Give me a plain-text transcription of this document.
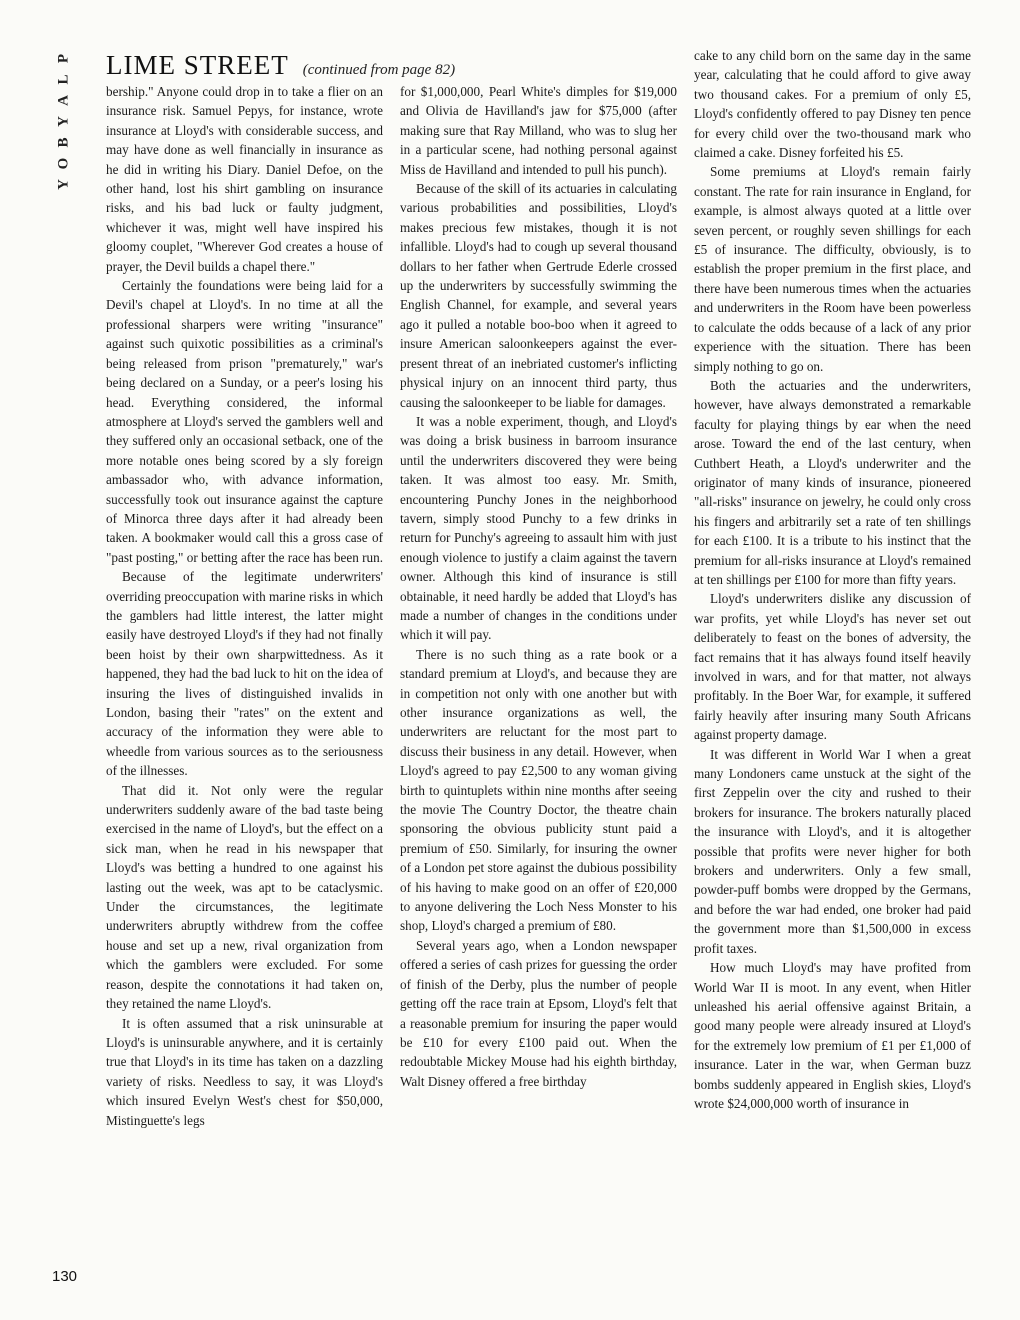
P
L
A
Y
B
O
Y
LIME STREET (continued from page 82)

bership." Anyone could drop in to take a flier on an insurance risk. Samuel Pepys, for instance, wrote insurance at Lloyd's with considerable success, and may have done as well financially in insurance as he did in writing his Diary. Daniel Defoe, on the other hand, lost his shirt gambling on insurance risks, and his bad luck or faulty judgment, whichever it was, might well have inspired his gloomy couplet, "Wherever God creates a house of prayer, the Devil builds a chapel there."

Certainly the foundations were being laid for a Devil's chapel at Lloyd's. In no time at all the professional sharpers were writing "insurance" against such quixotic possibilities as a criminal's being released from prison "prematurely," war's being declared on a Sunday, or a peer's losing his head. Everything considered, the informal atmosphere at Lloyd's served the gamblers well and they suffered only an occasional setback, one of the more notable ones being scored by a sly foreign ambassador who, with advance information, successfully took out insurance against the capture of Minorca three days after it had already been taken. A bookmaker would call this a gross case of "past posting," or betting after the race has been run.

Because of the legitimate underwriters' overriding preoccupation with marine risks in which the gamblers had little interest, the latter might easily have destroyed Lloyd's if they had not finally been hoist by their own sharpwittedness. As it happened, they had the bad luck to hit on the idea of insuring the lives of distinguished invalids in London, basing their "rates" on the extent and accuracy of the information they were able to wheedle from various sources as to the seriousness of the illnesses.

That did it. Not only were the regular underwriters suddenly aware of the bad taste being exercised in the name of Lloyd's, but the effect on a sick man, when he read in his newspaper that Lloyd's was betting a hundred to one against his lasting out the week, was apt to be cataclysmic. Under the circumstances, the legitimate underwriters abruptly withdrew from the coffee house and set up a new, rival organization from which the gamblers were excluded. For some reason, despite the connotations it had taken on, they retained the name Lloyd's.

It is often assumed that a risk uninsurable at Lloyd's is uninsurable anywhere, and it is certainly true that Lloyd's in its time has taken on a dazzling variety of risks. Needless to say, it was Lloyd's which insured Evelyn West's chest for $50,000, Mistinguette's legs

for $1,000,000, Pearl White's dimples for $19,000 and Olivia de Havilland's jaw for $75,000 (after making sure that Ray Milland, who was to slug her in a particular scene, had nothing personal against Miss de Havilland and intended to pull his punch).

Because of the skill of its actuaries in calculating various probabilities and possibilities, Lloyd's makes precious few mistakes, though it is not infallible. Lloyd's had to cough up several thousand dollars to her father when Gertrude Ederle crossed up the underwriters by successfully swimming the English Channel, for example, and several years ago it pulled a notable boo-boo when it agreed to insure American saloonkeepers against the ever-present threat of an inebriated customer's inflicting physical injury on an innocent third party, thus causing the saloonkeeper to be liable for damages.

It was a noble experiment, though, and Lloyd's was doing a brisk business in barroom insurance until the underwriters discovered they were being taken. It was almost too easy. Mr. Smith, encountering Punchy Jones in the neighborhood tavern, simply stood Punchy to a few drinks in return for Punchy's agreeing to assault him with just enough violence to justify a claim against the tavern owner. Although this kind of insurance is still obtainable, it need hardly be added that Lloyd's has made a number of changes in the conditions under which it will pay.

There is no such thing as a rate book or a standard premium at Lloyd's, and because they are in competition not only with one another but with other insurance organizations as well, the underwriters are reluctant for the most part to discuss their business in any detail. However, when Lloyd's agreed to pay £2,500 to any woman giving birth to quintuplets within nine months after seeing the movie The Country Doctor, the theatre chain sponsoring the obvious publicity stunt paid a premium of £50. Similarly, for insuring the owner of a London pet store against the dubious possibility of his having to make good on an offer of £20,000 to anyone delivering the Loch Ness Monster to his shop, Lloyd's charged a premium of £80.

Several years ago, when a London newspaper offered a series of cash prizes for guessing the order of finish of the Derby, plus the number of people getting off the race train at Epsom, Lloyd's felt that a reasonable premium for insuring the paper would be £10 for every £100 paid out. When the redoubtable Mickey Mouse had his eighth birthday, Walt Disney offered a free birthday

cake to any child born on the same day in the same year, calculating that he could afford to give away two thousand cakes. For a premium of only £5, Lloyd's confidently offered to pay Disney ten pence for every child over the two-thousand mark who claimed a cake. Disney forfeited his £5.

Some premiums at Lloyd's remain fairly constant. The rate for rain insurance in England, for example, is almost always quoted at a little over seven percent, or roughly seven shillings for each £5 of insurance. The difficulty, obviously, is to establish the proper premium in the first place, and there have been numerous times when the actuaries and underwriters in the Room have been powerless to calculate the odds because of a lack of any prior experience with the situation. There has been simply nothing to go on.

Both the actuaries and the underwriters, however, have always demonstrated a remarkable faculty for playing things by ear when the need arose. Toward the end of the last century, when Cuthbert Heath, a Lloyd's underwriter and the originator of many kinds of insurance, pioneered "all-risks" insurance on jewelry, he could only cross his fingers and arbitrarily set a rate of ten shillings for each £100. It is a tribute to his instinct that the premium for all-risks insurance at Lloyd's remained at ten shillings per £100 for more than fifty years.

Lloyd's underwriters dislike any discussion of war profits, yet while Lloyd's has never set out deliberately to feast on the bones of adversity, the fact remains that it has always found itself heavily involved in wars, and for that matter, not always profitably. In the Boer War, for example, it suffered fairly heavily after insuring many South Africans against property damage.

It was different in World War I when a great many Londoners came unstuck at the sight of the first Zeppelin over the city and rushed to their brokers for insurance. The brokers naturally placed the insurance with Lloyd's, and it is altogether possible that profits were never higher for both brokers and underwriters. Only a few small, powder-puff bombs were dropped by the Germans, and before the war had ended, one broker had paid the government more than $1,500,000 in excess profit taxes.

How much Lloyd's may have profited from World War II is moot. In any event, when Hitler unleashed his aerial offensive against Britain, a good many people were already insured at Lloyd's for the extremely low premium of £1 per £1,000 of insurance. Later in the war, when German buzz bombs suddenly appeared in English skies, Lloyd's wrote $24,000,000 worth of insurance in

130
